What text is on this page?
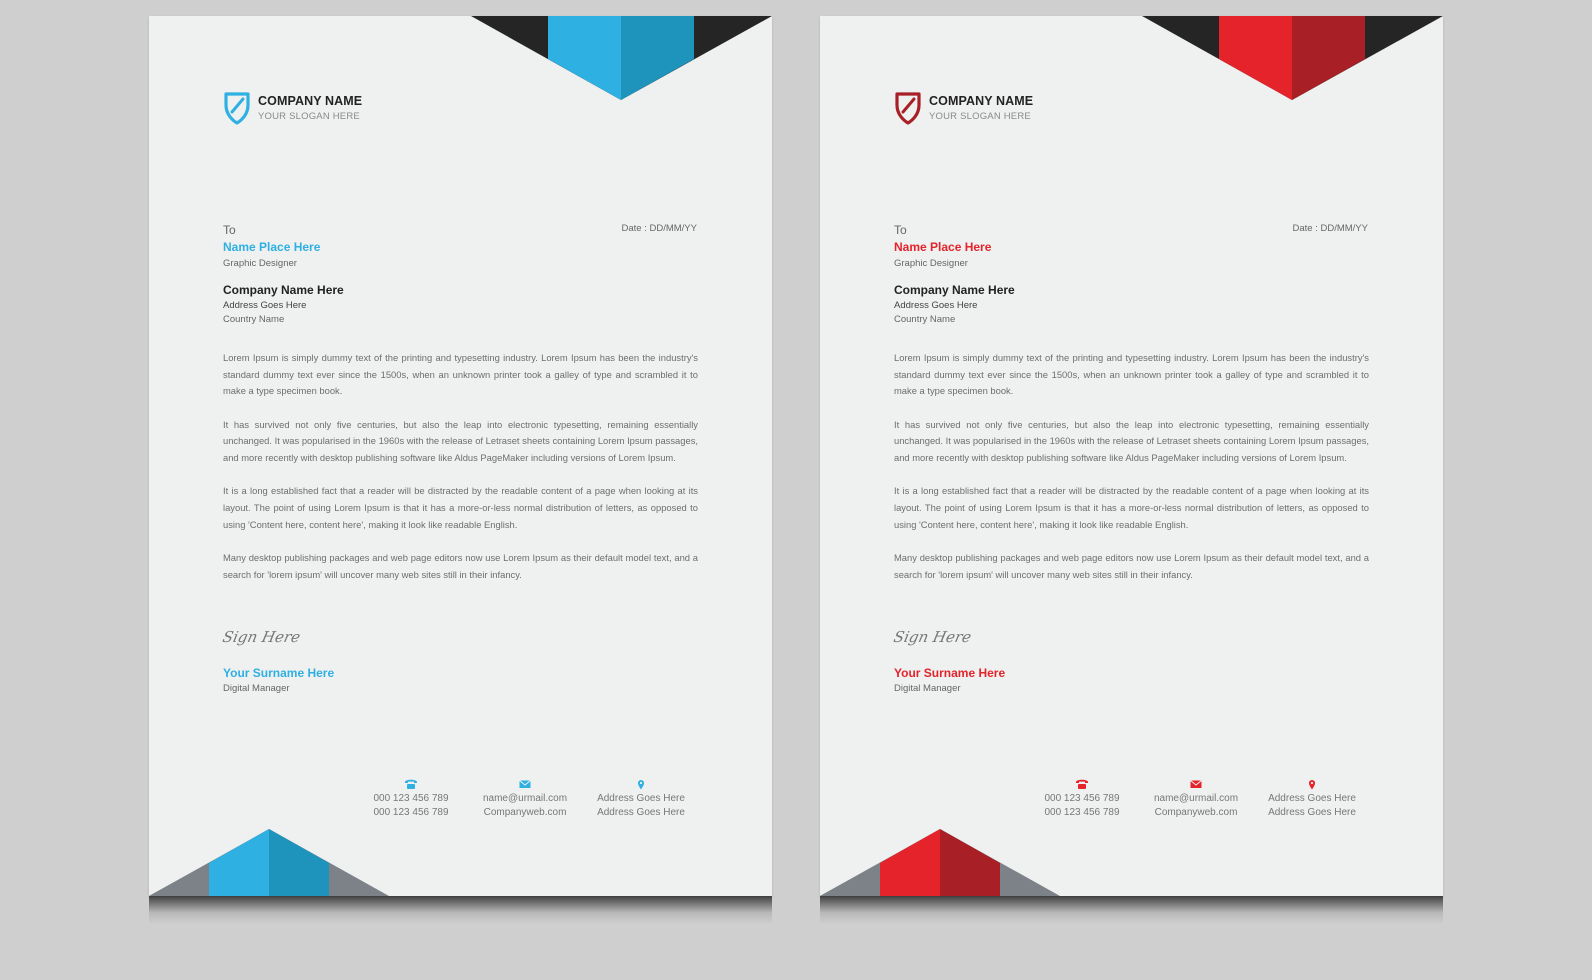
COMPANY NAME
YOUR SLOGAN HERE
To	Date : DD/MM/YY
Name Place Here
Graphic Designer
Company Name Here
Address Goes Here
Country Name

Lorem Ipsum is simply dummy text of the printing and typesetting industry. Lorem Ipsum has been the industry's standard dummy text ever since the 1500s, when an unknown printer took a galley of type and scrambled it to make a type specimen book.

It has survived not only five centuries, but also the leap into electronic typesetting, remaining essentially unchanged. It was popularised in the 1960s with the release of Letraset sheets containing Lorem Ipsum passages, and more recently with desktop publishing software like Aldus PageMaker including versions of Lorem Ipsum.

It is a long established fact that a reader will be distracted by the readable content of a page when looking at its layout. The point of using Lorem Ipsum is that it has a more-or-less normal distribution of letters, as opposed to using 'Content here, content here', making it look like readable English.

Many desktop publishing packages and web page editors now use Lorem Ipsum as their default model text, and a search for 'lorem ipsum' will uncover many web sites still in their infancy.

Sign Here
Your Surname Here
Digital Manager
000 123 456 789
000 123 456 789
name@urmail.com
Companyweb.com
Address Goes Here
Address Goes Here
COMPANY NAME
YOUR SLOGAN HERE
To	Date : DD/MM/YY
Name Place Here
Graphic Designer
Company Name Here
Address Goes Here
Country Name

Lorem Ipsum is simply dummy text of the printing and typesetting industry. Lorem Ipsum has been the industry's standard dummy text ever since the 1500s, when an unknown printer took a galley of type and scrambled it to make a type specimen book.

It has survived not only five centuries, but also the leap into electronic typesetting, remaining essentially unchanged. It was popularised in the 1960s with the release of Letraset sheets containing Lorem Ipsum passages, and more recently with desktop publishing software like Aldus PageMaker including versions of Lorem Ipsum.

It is a long established fact that a reader will be distracted by the readable content of a page when looking at its layout. The point of using Lorem Ipsum is that it has a more-or-less normal distribution of letters, as opposed to using 'Content here, content here', making it look like readable English.

Many desktop publishing packages and web page editors now use Lorem Ipsum as their default model text, and a search for 'lorem ipsum' will uncover many web sites still in their infancy.

Sign Here
Your Surname Here
Digital Manager
000 123 456 789
000 123 456 789
name@urmail.com
Companyweb.com
Address Goes Here
Address Goes Here
